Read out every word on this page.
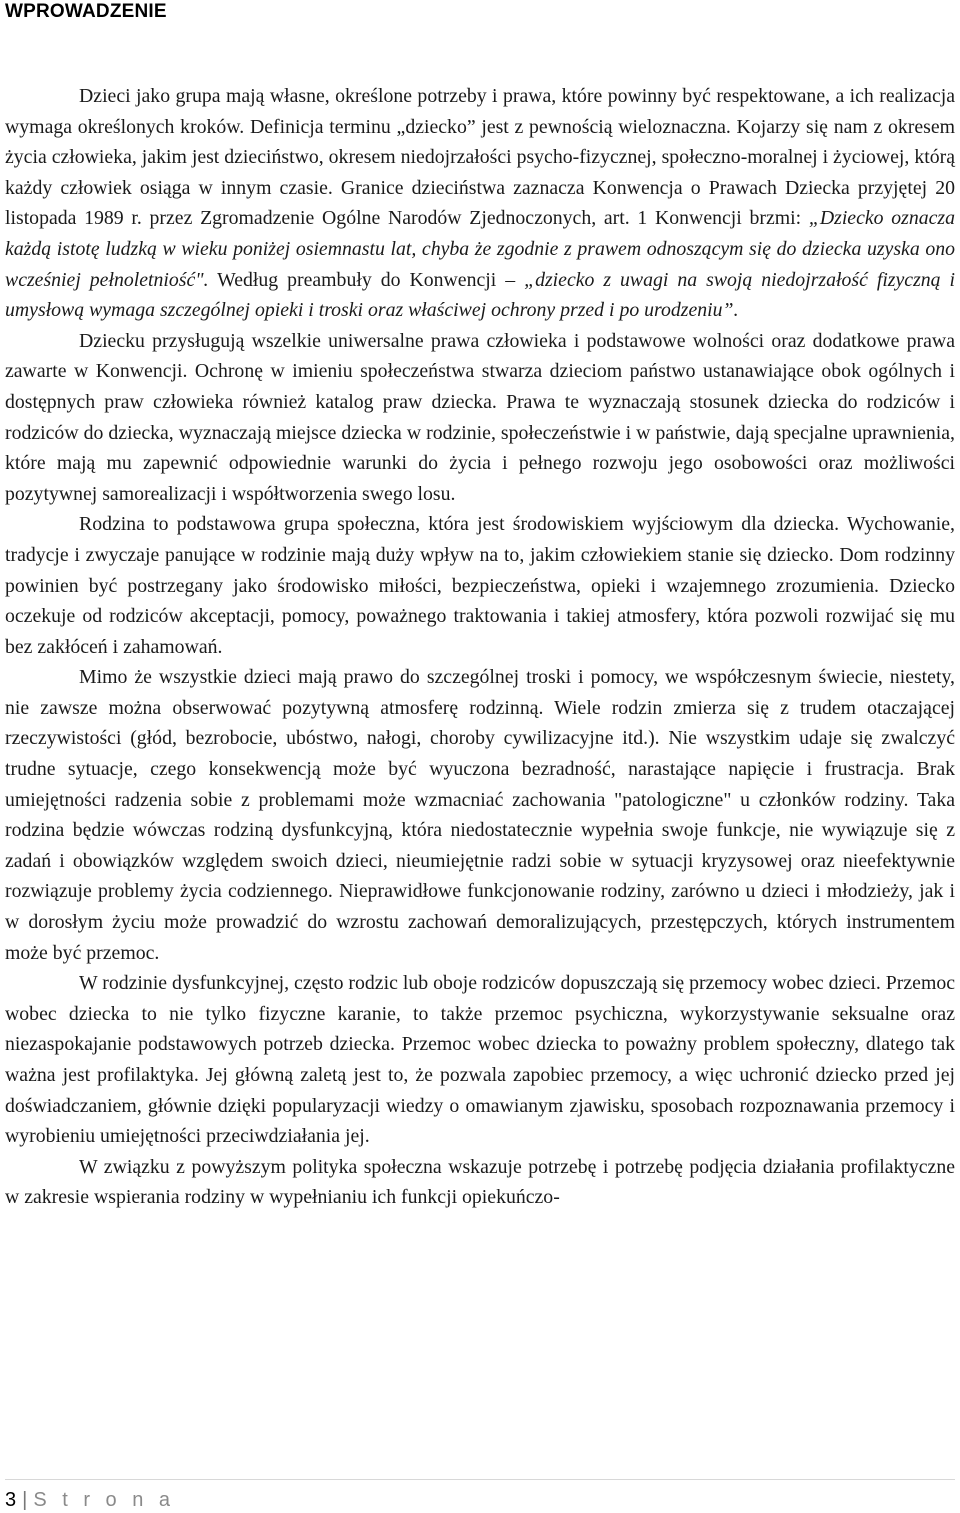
WPROWADZENIE

Dzieci jako grupa mają własne, określone potrzeby i prawa, które powinny być respektowane, a ich realizacja wymaga określonych kroków. Definicja terminu „dziecko” jest z pewnością wieloznaczna. Kojarzy się nam z okresem życia człowieka, jakim jest dzieciństwo, okresem niedojrzałości psycho-fizycznej, społeczno-moralnej i życiowej, którą każdy człowiek osiąga w innym czasie. Granice dzieciństwa zaznacza Konwencja o Prawach Dziecka przyjętej 20 listopada 1989 r. przez Zgromadzenie Ogólne Narodów Zjednoczonych, art. 1 Konwencji brzmi: „Dziecko oznacza każdą istotę ludzką w wieku poniżej osiemnastu lat, chyba że zgodnie z prawem odnoszącym się do dziecka uzyska ono wcześniej pełnoletniość". Według preambuły do Konwencji – „dziecko z uwagi na swoją niedojrzałość fizyczną i umysłową wymaga szczególnej opieki i troski oraz właściwej ochrony przed i po urodzeniu”.

Dziecku przysługują wszelkie uniwersalne prawa człowieka i podstawowe wolności oraz dodatkowe prawa zawarte w Konwencji. Ochronę w imieniu społeczeństwa stwarza dzieciom państwo ustanawiające obok ogólnych i dostępnych praw człowieka również katalog praw dziecka. Prawa te wyznaczają stosunek dziecka do rodziców i rodziców do dziecka, wyznaczają miejsce dziecka w rodzinie, społeczeństwie i w państwie, dają specjalne uprawnienia, które mają mu zapewnić odpowiednie warunki do życia i pełnego rozwoju jego osobowości oraz możliwości pozytywnej samorealizacji i współtworzenia swego losu.

Rodzina to podstawowa grupa społeczna, która jest środowiskiem wyjściowym dla dziecka. Wychowanie, tradycje i zwyczaje panujące w rodzinie mają duży wpływ na to, jakim człowiekiem stanie się dziecko. Dom rodzinny powinien być postrzegany jako środowisko miłości, bezpieczeństwa, opieki i wzajemnego zrozumienia. Dziecko oczekuje od rodziców akceptacji, pomocy, poważnego traktowania i takiej atmosfery, która pozwoli rozwijać się mu bez zakłóceń i zahamowań.

Mimo że wszystkie dzieci mają prawo do szczególnej troski i pomocy, we współczesnym świecie, niestety, nie zawsze można obserwować pozytywną atmosferę rodzinną. Wiele rodzin zmierza się z trudem otaczającej rzeczywistości (głód, bezrobocie, ubóstwo, nałogi, choroby cywilizacyjne itd.). Nie wszystkim udaje się zwalczyć trudne sytuacje, czego konsekwencją może być wyuczona bezradność, narastające napięcie i frustracja. Brak umiejętności radzenia sobie z problemami może wzmacniać zachowania "patologiczne" u członków rodziny. Taka rodzina będzie wówczas rodziną dysfunkcyjną, która niedostatecznie wypełnia swoje funkcje, nie wywiązuje się z zadań i obowiązków względem swoich dzieci, nieumiejętnie radzi sobie w sytuacji kryzysowej oraz nieefektywnie rozwiązuje problemy życia codziennego. Nieprawidłowe funkcjonowanie rodziny, zarówno u dzieci i młodzieży, jak i w dorosłym życiu może prowadzić do wzrostu zachowań demoralizujących, przestępczych, których instrumentem może być przemoc.

W rodzinie dysfunkcyjnej, często rodzic lub oboje rodziców dopuszczają się przemocy wobec dzieci. Przemoc wobec dziecka to nie tylko fizyczne karanie, to także przemoc psychiczna, wykorzystywanie seksualne oraz niezaspokajanie podstawowych potrzeb dziecka. Przemoc wobec dziecka to poważny problem społeczny, dlatego tak ważna jest profilaktyka. Jej główną zaletą jest to, że pozwala zapobiec przemocy, a więc uchronić dziecko przed jej doświadczaniem, głównie dzięki popularyzacji wiedzy o omawianym zjawisku, sposobach rozpoznawania przemocy i wyrobieniu umiejętności przeciwdziałania jej.

W związku z powyższym polityka społeczna wskazuje potrzebę i potrzebę podjęcia działania profilaktyczne w zakresie wspierania rodziny w wypełnianiu ich funkcji opiekuńczo-

3 | S t r o n a
